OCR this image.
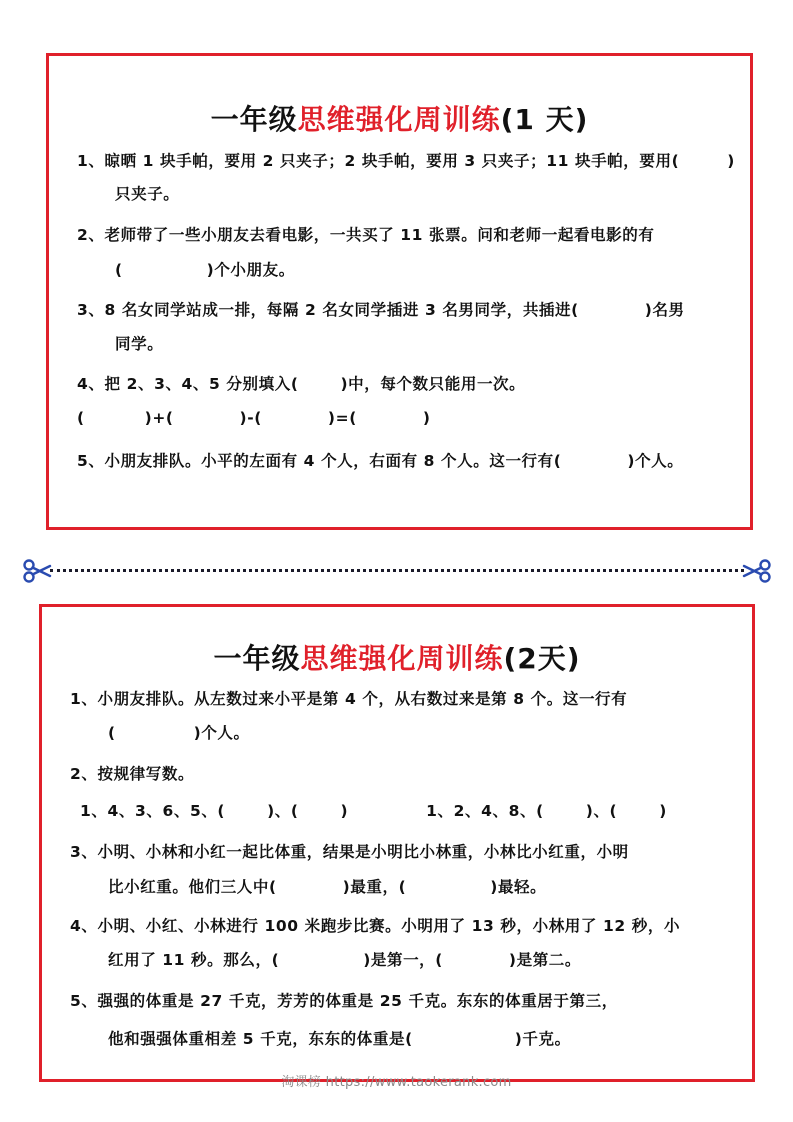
一年级思维强化周训练(1 天)
1、晾晒 1 块手帕，要用 2 只夹子；2 块手帕，要用 3 只夹子；11 块手帕，要用(        )
只夹子。
2、老师带了一些小朋友去看电影，一共买了 11 张票。问和老师一起看电影的有
(              )个小朋友。
3、8 名女同学站成一排，每隔 2 名女同学插进 3 名男同学，共插进(           )名男
同学。
4、把 2、3、4、5 分别填入(       )中，每个数只能用一次。
(          )+(           )-(           )=(           )
5、小朋友排队。小平的左面有 4 个人，右面有 8 个人。这一行有(           )个人。
一年级思维强化周训练(2天)
1、小朋友排队。从左数过来小平是第 4 个，从右数过来是第 8 个。这一行有
(             )个人。
2、按规律写数。
1、4、3、6、5、(       )、(       )             1、2、4、8、(       )、(       )
3、小明、小林和小红一起比体重，结果是小明比小林重，小林比小红重，小明
比小红重。他们三人中(           )最重，(              )最轻。
4、小明、小红、小林进行 100 米跑步比赛。小明用了 13 秒，小林用了 12 秒，小
红用了 11 秒。那么，(              )是第一，(           )是第二。
5、强强的体重是 27 千克，芳芳的体重是 25 千克。东东的体重居于第三，
他和强强体重相差 5 千克，东东的体重是(                 )千克。
淘课榜 https://www.taokerank.com
